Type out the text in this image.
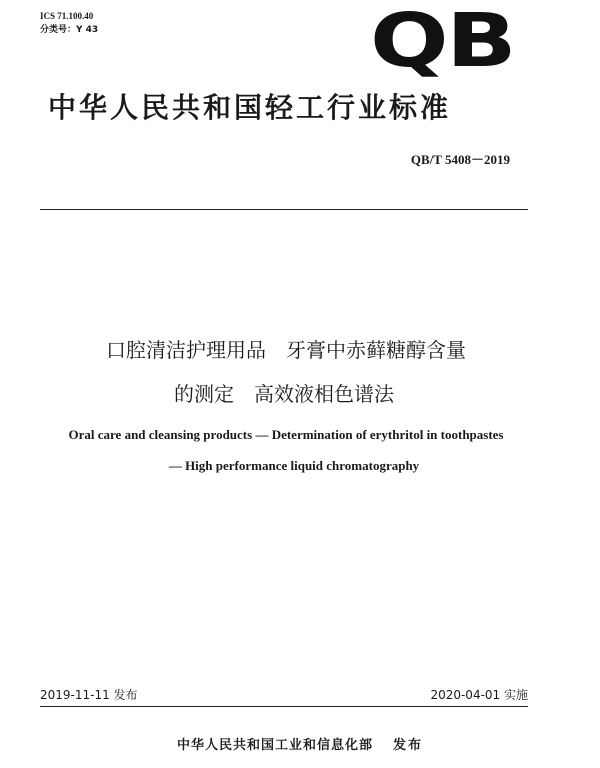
ICS 71.100.40
分类号：Y 43	QB
中华人民共和国轻工行业标准
QB/T 5408－2019
口腔清洁护理用品　牙膏中赤藓糖醇含量
的测定　高效液相色谱法
Oral care and cleansing products — Determination of erythritol in toothpastes
— High performance liquid chromatography
2019-11-11 发布	2020-04-01 实施
中华人民共和国工业和信息化部 发布
